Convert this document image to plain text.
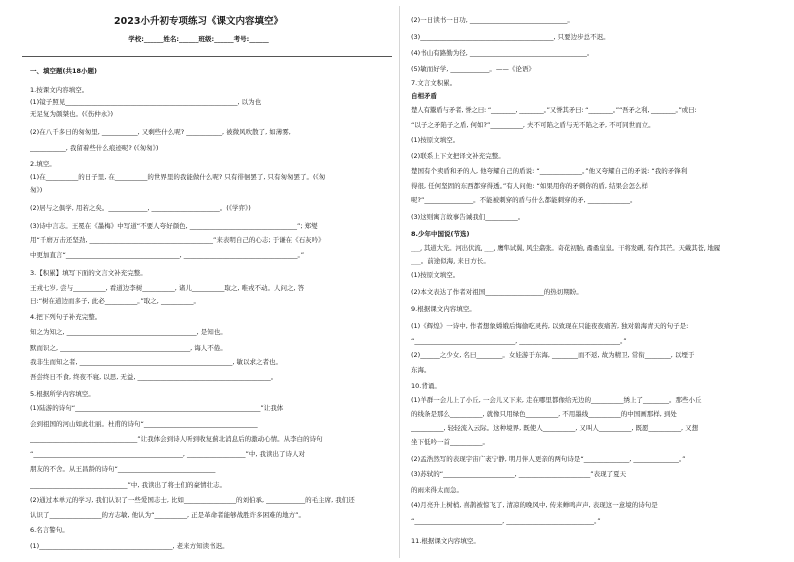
2023小升初专项练习《课文内容填空》
学校:______姓名:______班级:______考号:______
一、填空题(共18小题)
1.按课文内容填空。
(1)镜子照见_____________________________________________________, 以为也
无足复为颜桀也。(《伤仲永》)
(2)在八千多日的匆匆里, ___________, 又剩些什么呢? ___________, 被微风吹散了, 如薄雾,
___________, 我留着些什么痕迹呢? (《匆匆》)
2.填空。
(1)在__________的日子里, 在__________的世界里的我能做什么呢? 只有徘徊罢了, 只有匆匆罢了。(《匆
匆》)
(2)居与之俱学, 用若之矣。____________, _____________________。(《学弈》)
(3)诗中言志。王冕在《墨梅》中写道“不要人夸好颜色, _________________________________”; 郑燮
用“千磨万击还坚劲, ______________________________________”来表明自己的心志; 于谦在《石灰吟》
中更加直言“___________________________________, ___________________________________。”
3.【积累】填写下面的文言文补充完整。
王戎七岁, 尝与__________, 看道边李树__________, 诸儿__________取之, 唯戎不动。人问之, 答
曰:“树在道边而多子, 此必__________。”取之, __________。
4.把下列句子补充完整。
知之为知之, ________________________________________, 是知也。
默而识之, ________________________________________, 诲人不倦。
我非生而知之者, _______________________________________________, 敏以求之者也。
吾尝终日不食, 终夜不寝, 以思, 无益, _________________________________________。
5.根据所学内容填空。
(1)陆游的诗句“_________________________________________________________”让我体
会到祖国的河山如此壮丽。杜甫的诗句“___________________________________
_________________________________”让我体会到诗人听到收复蓟北消息后的激动心情。从李白的诗句
“______________________________________________, __________________”中, 我读出了诗人对
朋友的不舍。从王昌龄的诗句“______________________________
______________________________”中, 我读出了将士们的豪情壮志。
(2)通过本单元的学习, 我们认识了一些爱国志士, 比如________________的刘伯承, ____________的毛主席, 我们还
认识了________________的方志敏, 他认为“__________, 正是革命者能够战胜许多困难的地方”。
6.名言警句。
(1)_________________________________________, 老来方知读书迟。
(2)一日读书一日功, ______________________________。
(3)_________________________________________, 只要边步总不迟。
(4)书山有路勤为径, ____________________________________。
(5)敏而好学, ____________。——《论语》
7.文言文积累。
自相矛盾
楚人有鬻盾与矛者, 誉之曰: “________, ________。”又誉其矛曰: “________。”“吾矛之利, ________。”或曰:
“以子之矛陷子之盾, 何如?”__________, 夫不可陷之盾与无不陷之矛, 不可同世而立。
(1)按原文填空。
(2)联系上下文把译文补充完整。
楚国有个卖盾和矛的人, 他夸耀自己的盾说: “_____________。”他又夸耀自己的矛说: “我的矛锋利
得很, 任何坚固的东西都穿得透。”有人问他: “如果用你的矛刺你的盾, 结果会怎么样
呢?”_______________。不能被刺穿的盾与什么都能刺穿的矛, _____________。
(3)这则寓言故事告诫我们__________。
8.少年中国说(节选)
___, 其道大光。河出伏流, ___, 鹰隼试翼, 风尘翕张。奇花初胎, 矞矞皇皇。干将发硎, 有作其芒。天戴其苍, 地履
___。前途似海, 来日方长。
(1)按原文填空。
(2)本文表达了作者对祖国__________________的热切期盼。
9.根据课文内容填空。
(1)《辉煌》一诗中, 作者想象嫦娥后悔偷吃灵药, 以致现在只能夜夜痛苦, 独对碧海青天的句子是:
“_______________________________, _______________________________。”
(2)______之少女, 名曰________。女娃游于东海, ________而不返, 故为精卫, 常衔________, 以堙于
东海。
10.背诵。
(1)羊群一会儿上了小丘, 一会儿又下来, 走在哪里都像给无边的__________绣上了________。那些小丘
的线条是那么__________, 就像只用绿色__________, 不用墨线__________的中国画那样, 到处
__________, 轻轻流入云际。这种境界, 既使人__________, 又叫人__________, 既愿__________, 又想
坐下低吟一首__________。
(2)孟浩然写的表现宇宙广袤宁静, 明月伴人更亲的两句诗是“______________, ______________。”
(3)苏轼的“______________________, ______________________”表现了夏天
的雨来得太而急。
(4)月亮升上树梢, 喜鹊被惊飞了, 清凉的晚风中, 传来蝉鸣声声, 表现这一意境的诗句是
“___________________________, ___________________________。”
11.根据课文内容填空。
